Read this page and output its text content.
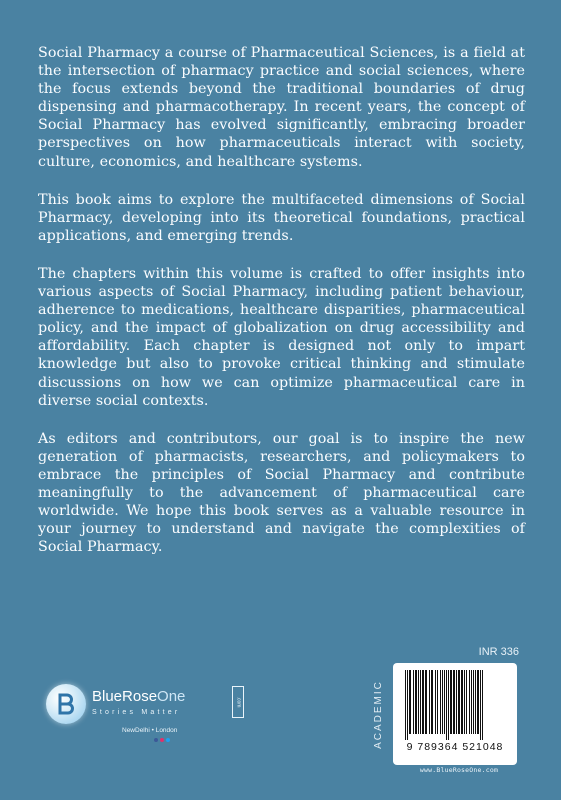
Social Pharmacy a course of Pharmaceutical Sciences, is a field at the intersection of pharmacy practice and social sciences, where the focus extends beyond the traditional boundaries of drug dispensing and pharmacotherapy. In recent years, the concept of Social Pharmacy has evolved significantly, embracing broader perspectives on how pharmaceuticals interact with society, culture, economics, and healthcare systems.

This book aims to explore the multifaceted dimensions of Social Pharmacy, developing into its theoretical foundations, practical applications, and emerging trends.

The chapters within this volume is crafted to offer insights into various aspects of Social Pharmacy, including patient behaviour, adherence to medications, healthcare disparities, pharmaceutical policy, and the impact of globalization on drug accessibility and affordability. Each chapter is designed not only to impart knowledge but also to provoke critical thinking and stimulate discussions on how we can optimize pharmaceutical care in diverse social contexts.

As editors and contributors, our goal is to inspire the new generation of pharmacists, researchers, and policymakers to embrace the principles of Social Pharmacy and contribute meaningfully to the advancement of pharmaceutical care worldwide. We hope this book serves as a valuable resource in your journey to understand and navigate the complexities of Social Pharmacy.

INR 336
ACADEMIC	9 789364 521048
www.BlueRoseOne.com
BlueRoseOne
Stories Matter
.com
NewDelhi • London
